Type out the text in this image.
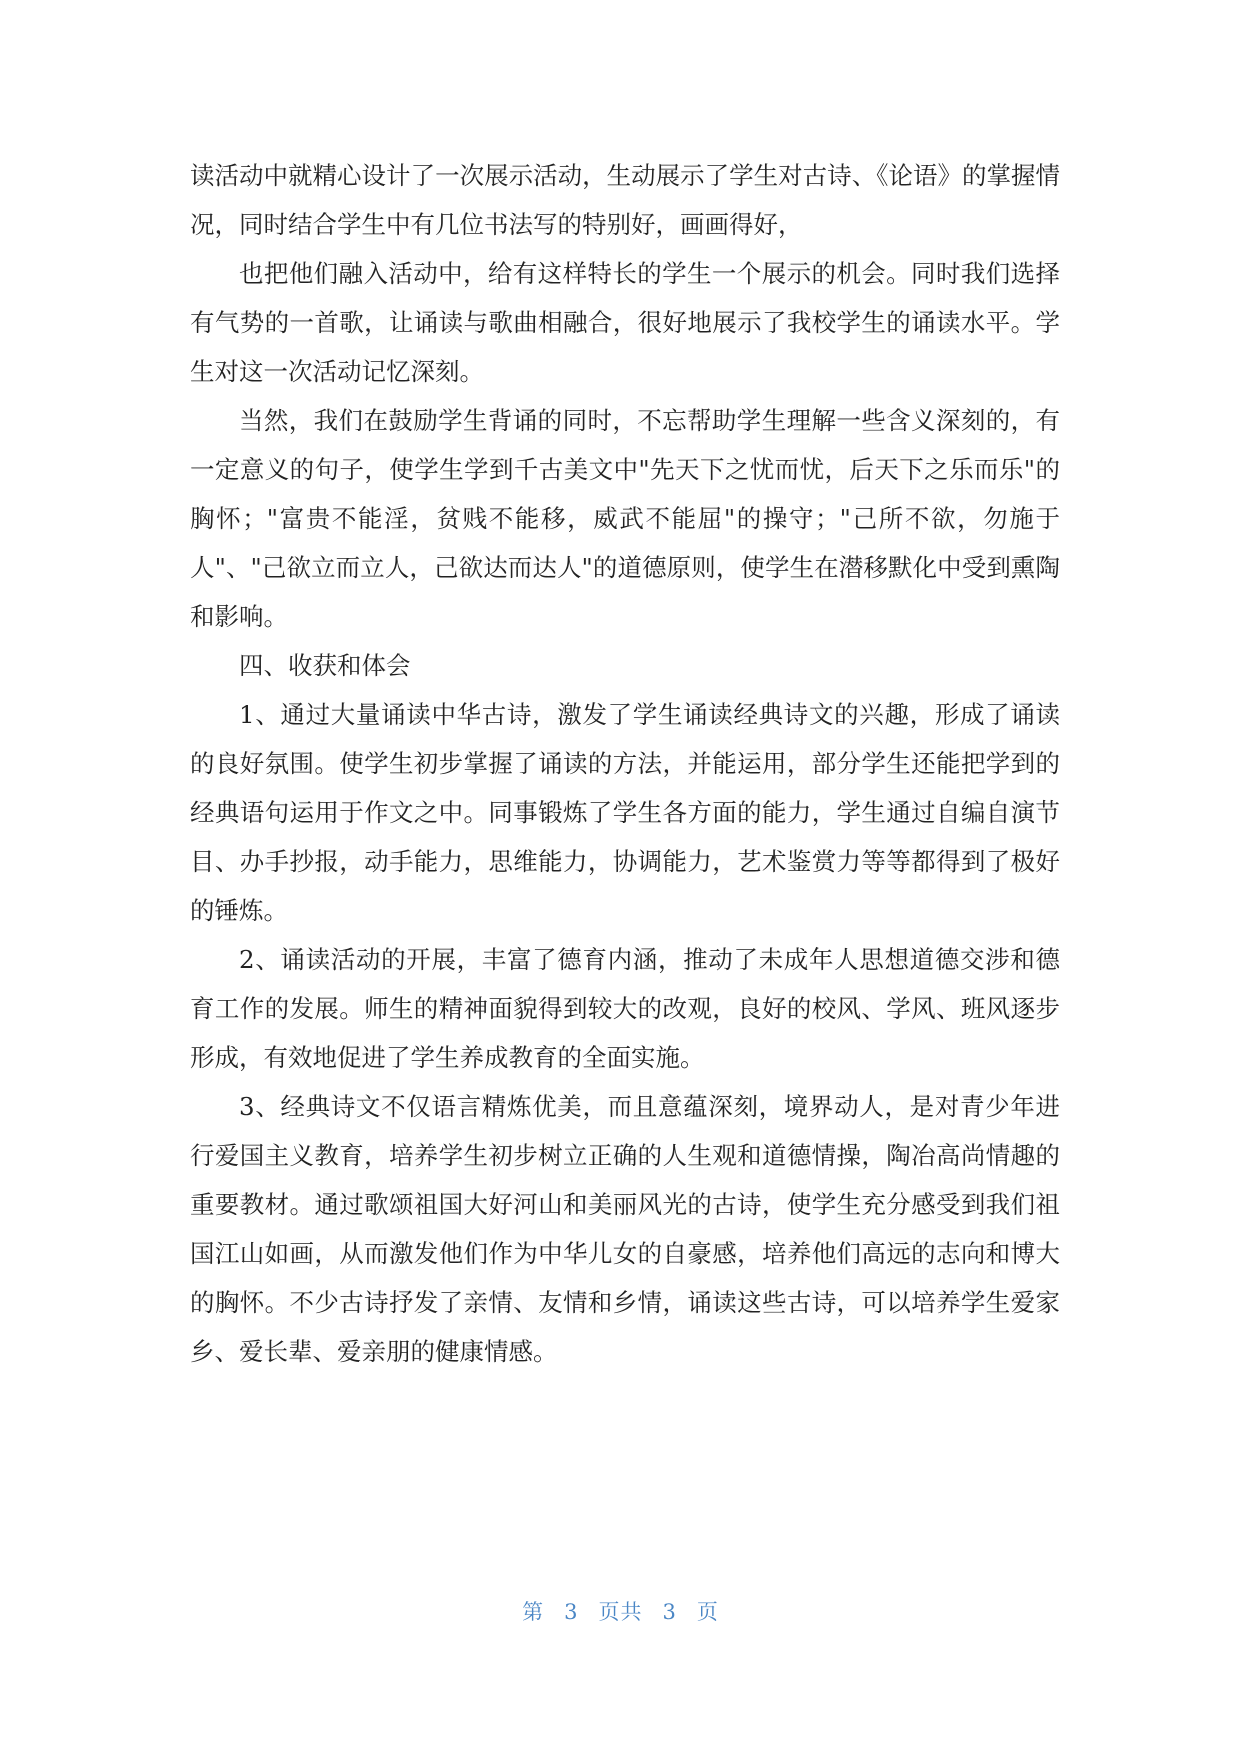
读活动中就精心设计了一次展示活动，生动展示了学生对古诗、《论语》的掌握情况，同时结合学生中有几位书法写的特别好，画画得好，

也把他们融入活动中，给有这样特长的学生一个展示的机会。同时我们选择有气势的一首歌，让诵读与歌曲相融合，很好地展示了我校学生的诵读水平。学生对这一次活动记忆深刻。

当然，我们在鼓励学生背诵的同时，不忘帮助学生理解一些含义深刻的，有一定意义的句子，使学生学到千古美文中"先天下之忧而忧，后天下之乐而乐"的胸怀；"富贵不能淫，贫贱不能移，威武不能屈"的操守；"己所不欲，勿施于人"、"己欲立而立人，己欲达而达人"的道德原则，使学生在潜移默化中受到熏陶和影响。

四、收获和体会

1、通过大量诵读中华古诗，激发了学生诵读经典诗文的兴趣，形成了诵读的良好氛围。使学生初步掌握了诵读的方法，并能运用，部分学生还能把学到的经典语句运用于作文之中。同事锻炼了学生各方面的能力，学生通过自编自演节目、办手抄报，动手能力，思维能力，协调能力，艺术鉴赏力等等都得到了极好的锤炼。

2、诵读活动的开展，丰富了德育内涵，推动了未成年人思想道德交涉和德育工作的发展。师生的精神面貌得到较大的改观，良好的校风、学风、班风逐步形成，有效地促进了学生养成教育的全面实施。

3、经典诗文不仅语言精炼优美，而且意蕴深刻，境界动人，是对青少年进行爱国主义教育，培养学生初步树立正确的人生观和道德情操，陶冶高尚情趣的重要教材。通过歌颂祖国大好河山和美丽风光的古诗，使学生充分感受到我们祖国江山如画，从而激发他们作为中华儿女的自豪感，培养他们高远的志向和博大的胸怀。不少古诗抒发了亲情、友情和乡情，诵读这些古诗，可以培养学生爱家乡、爱长辈、爱亲朋的健康情感。

第 3 页共 3 页
